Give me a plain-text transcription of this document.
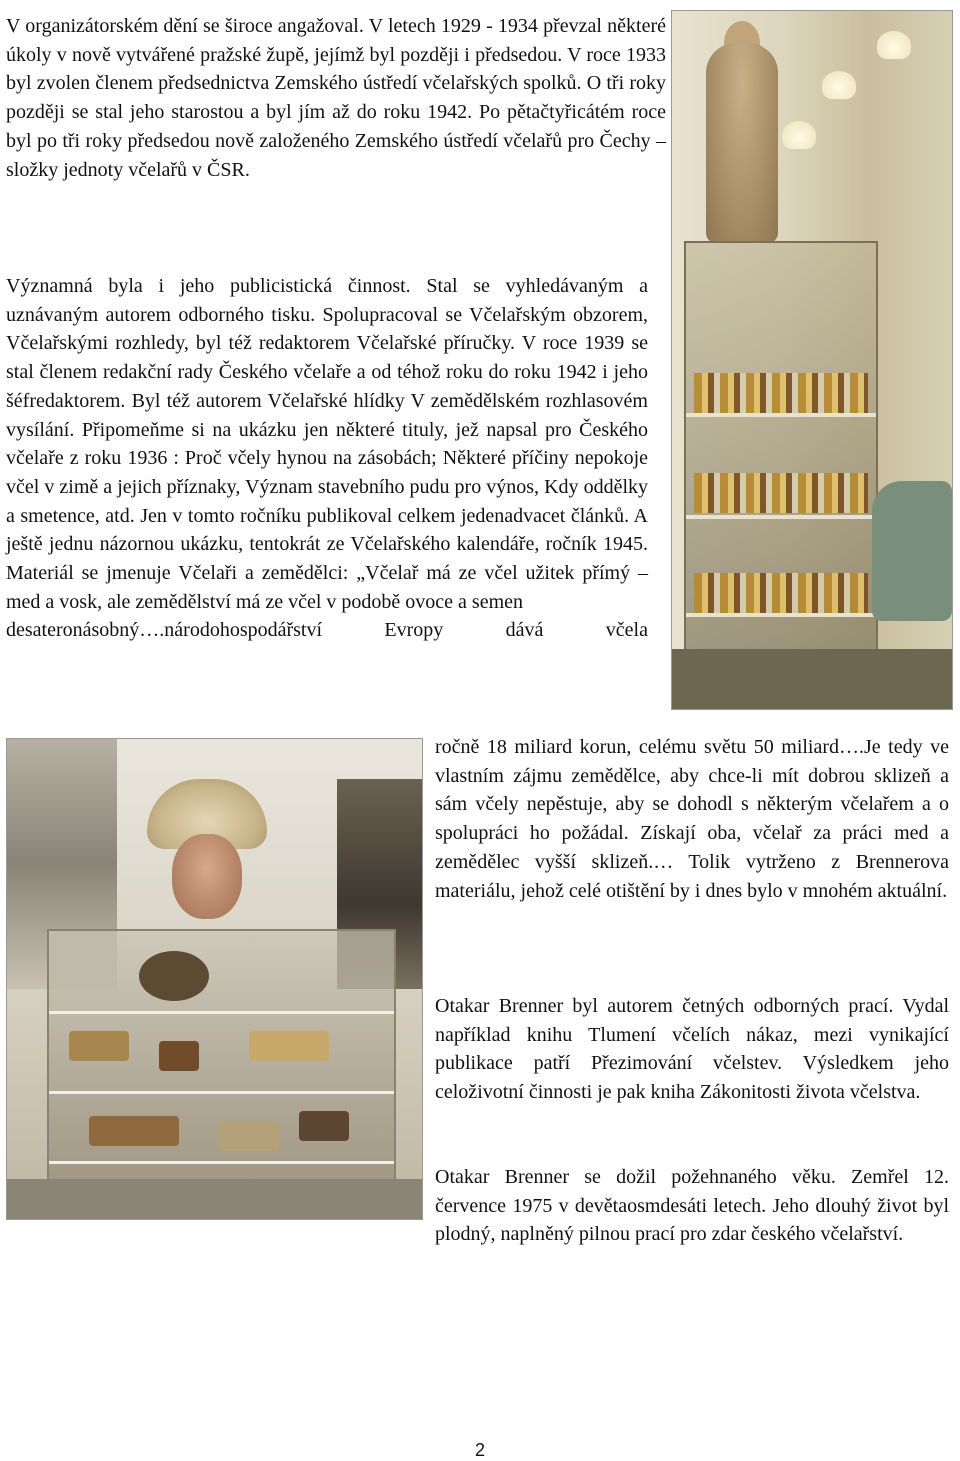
V organizátorském dění se široce angažoval. V letech 1929 - 1934 převzal některé úkoly v nově vytvářené pražské župě, jejímž byl později i předsedou. V roce 1933 byl zvolen členem předsednictva Zemského ústředí včelařských spolků. O tři roky později se stal jeho starostou a byl jím až do roku 1942. Po pětačtyřicátém roce byl po tři roky předsedou nově založeného Zemského ústředí včelařů pro Čechy – složky jednoty včelařů v ČSR.
Významná byla i jeho publicistická činnost. Stal se vyhledávaným a uznávaným autorem odborného tisku. Spolupracoval se Včelařským obzorem, Včelařskými rozhledy, byl též redaktorem Včelařské příručky. V roce 1939 se stal členem redakční rady Českého včelaře a od téhož roku do roku 1942 i jeho šéfredaktorem. Byl též autorem Včelařské hlídky V zemědělském rozhlasovém vysílání. Připomeňme si na ukázku jen některé tituly, jež napsal pro Českého včelaře z roku 1936 : Proč včely hynou na zásobách; Některé příčiny nepokoje včel v zimě a jejich příznaky, Význam stavebního pudu pro výnos, Kdy oddělky a smetence, atd. Jen v tomto ročníku publikoval celkem jedenadvacet článků. A ještě jednu názornou ukázku, tentokrát ze Včelařského kalendáře, ročník 1945. Materiál se jmenuje Včelaři a zemědělci: „Včelař má ze včel užitek přímý – med a vosk, ale zemědělství má ze včel v podobě ovoce a semen
desateronásobný….národohospodářství Evropy dává včela
ročně 18 miliard korun, celému světu 50 miliard….Je tedy ve vlastním zájmu zemědělce, aby chce-li mít dobrou sklizeň a sám včely nepěstuje, aby se dohodl s některým včelařem a o spolupráci ho požádal. Získají oba, včelař za práci med a zemědělec vyšší sklizeň.… Tolik vytrženo z Brennerova materiálu, jehož celé otištění by i dnes bylo v mnohém aktuální.
Otakar Brenner byl autorem četných odborných prací. Vydal například knihu Tlumení včelích nákaz, mezi vynikající publikace patří Přezimování včelstev. Výsledkem jeho celoživotní činnosti je pak kniha Zákonitosti života včelstva.
Otakar Brenner se dožil požehnaného věku. Zemřel 12. července 1975 v devětaosmdesáti letech. Jeho dlouhý život byl plodný, naplněný pilnou prací pro zdar českého včelařství.
2
